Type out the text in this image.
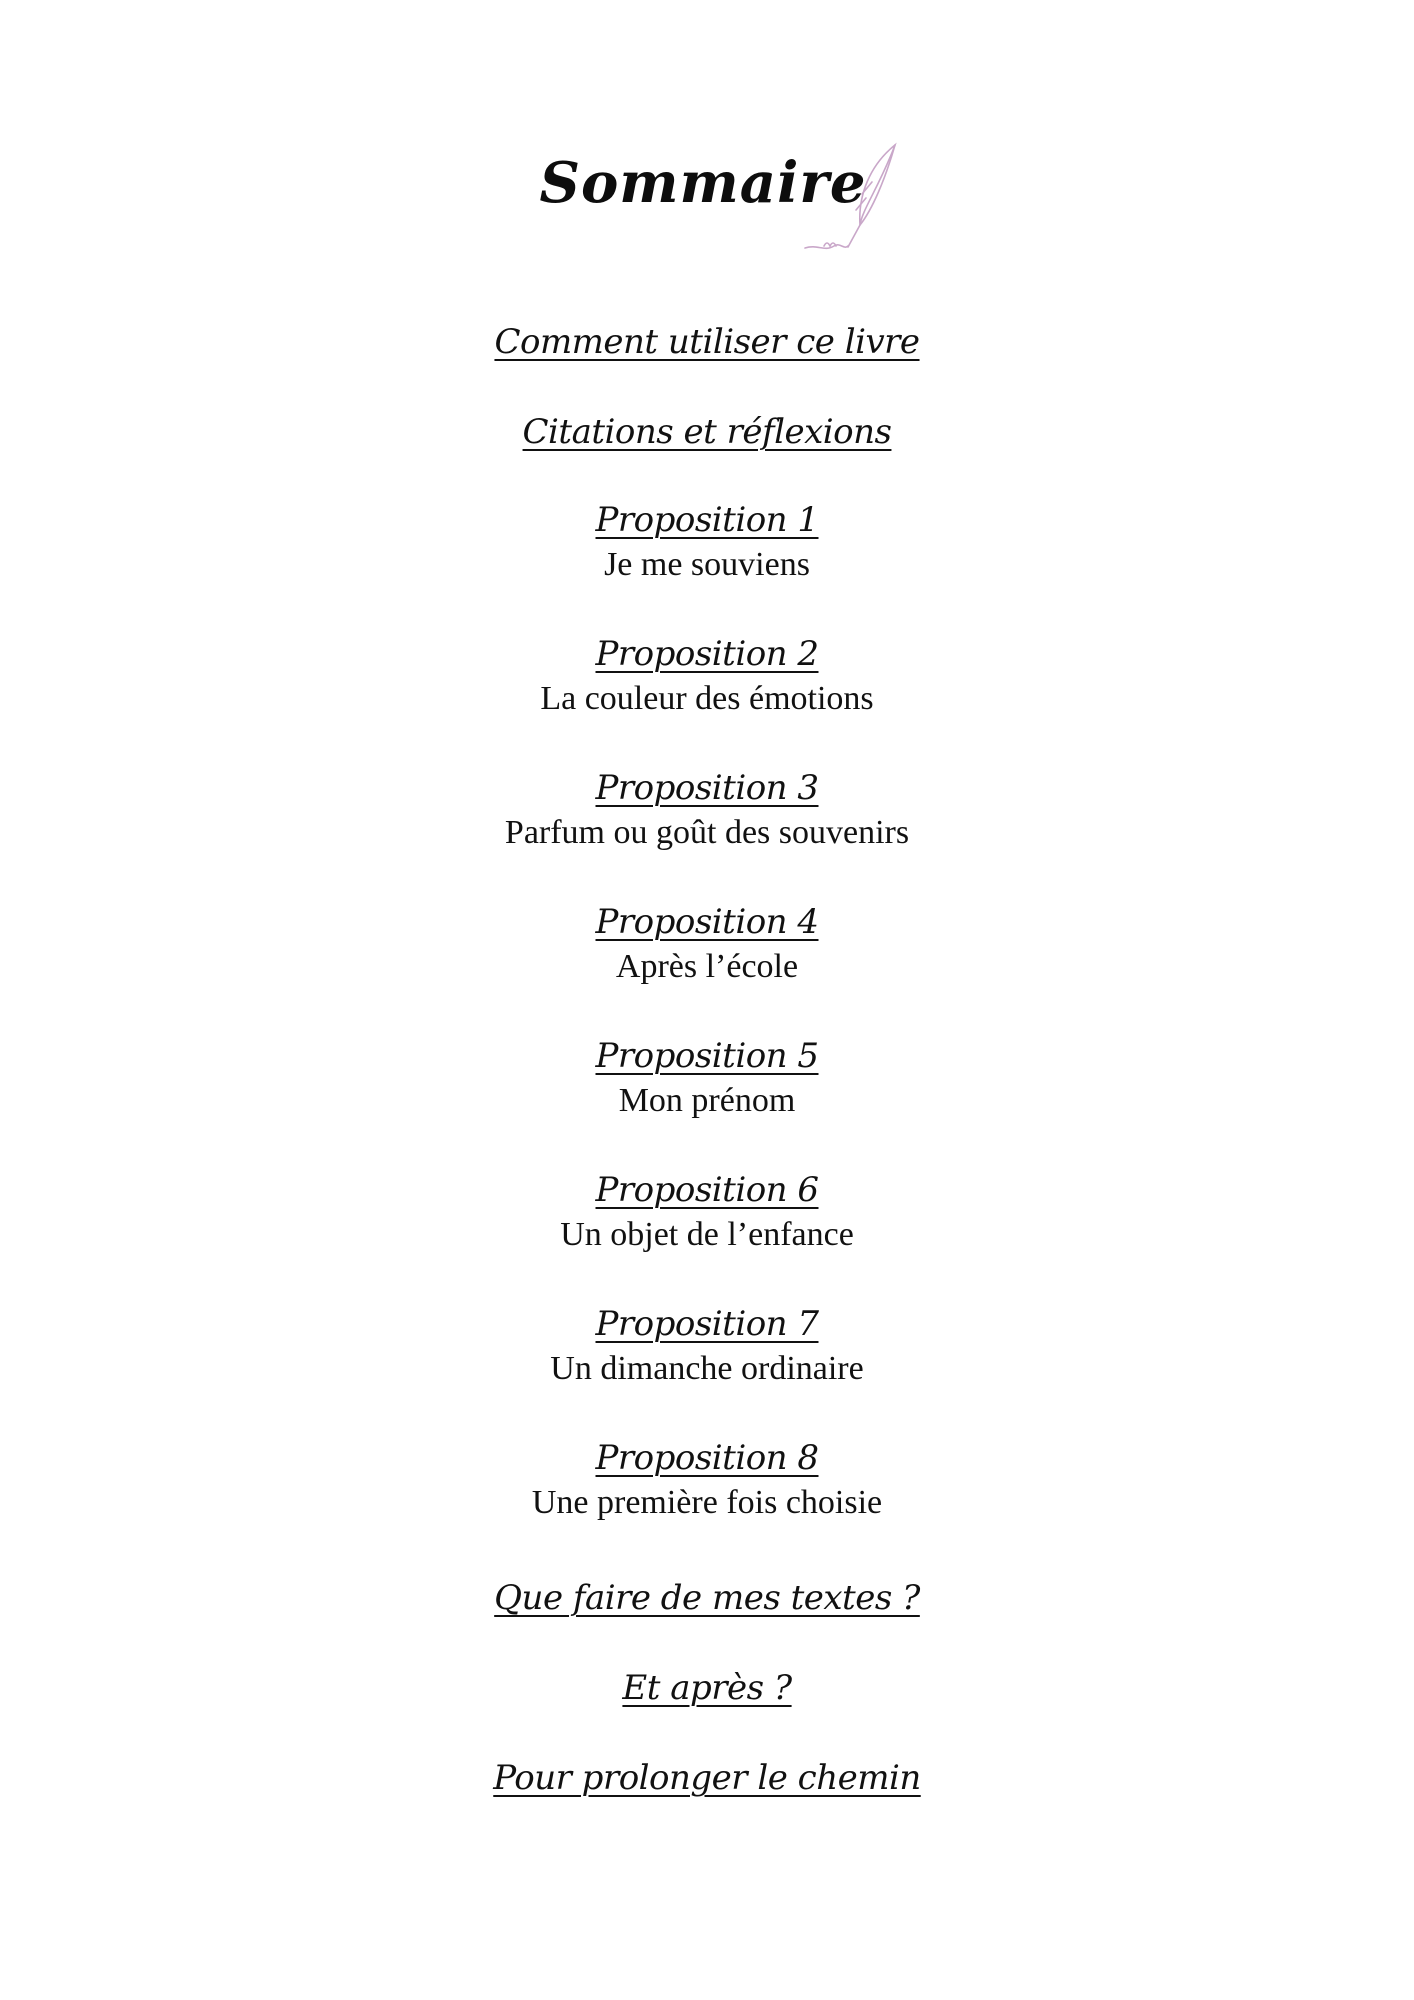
Sommaire
Comment utiliser ce livre
Citations et réflexions
Proposition 1
Je me souviens
Proposition 2
La couleur des émotions
Proposition 3
Parfum ou goût des souvenirs
Proposition 4
Après l’école
Proposition 5
Mon prénom
Proposition 6
Un objet de l’enfance
Proposition 7
Un dimanche ordinaire
Proposition 8
Une première fois choisie
Que faire de mes textes ?
Et après ?
Pour prolonger le chemin
